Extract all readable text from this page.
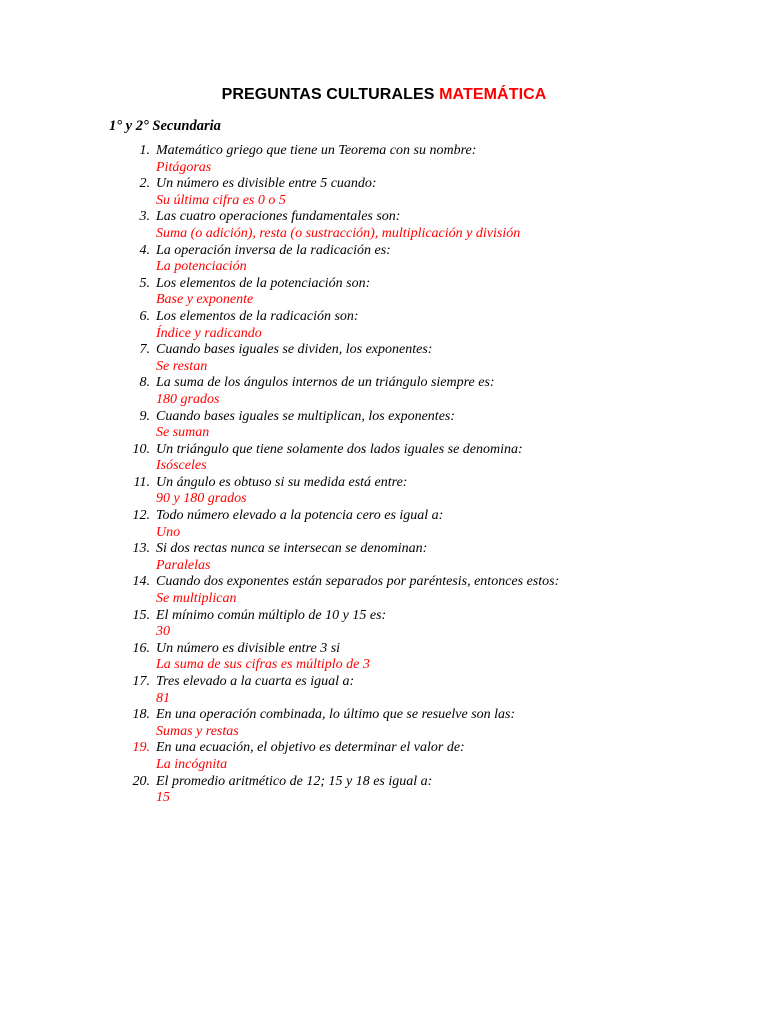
PREGUNTAS CULTURALES MATEMÁTICA
1° y 2° Secundaria
1. Matemático griego que tiene un Teorema con su nombre:
Pitágoras
2. Un número es divisible entre 5 cuando:
Su última cifra es 0 o 5
3. Las cuatro operaciones fundamentales son:
Suma (o adición), resta (o sustracción), multiplicación y división
4. La operación inversa de la radicación es:
La potenciación
5. Los elementos de la potenciación son:
Base y exponente
6. Los elementos de la radicación son:
Índice y radicando
7. Cuando bases iguales se dividen, los exponentes:
Se restan
8. La suma de los ángulos internos de un triángulo siempre es:
180 grados
9. Cuando bases iguales se multiplican, los exponentes:
Se suman
10. Un triángulo que tiene solamente dos lados iguales se denomina:
Isósceles
11. Un ángulo es obtuso si su medida está entre:
90 y 180 grados
12. Todo número elevado a la potencia cero es igual a:
Uno
13. Si dos rectas nunca se intersecan se denominan:
Paralelas
14. Cuando dos exponentes están separados por paréntesis, entonces estos:
Se multiplican
15. El mínimo común múltiplo de 10 y 15 es:
30
16. Un número es divisible entre 3 si
La suma de sus cifras es múltiplo de 3
17. Tres elevado a la cuarta es igual a:
81
18. En una operación combinada, lo último que se resuelve son las:
Sumas y restas
19. En una ecuación, el objetivo es determinar el valor de:
La incógnita
20. El promedio aritmético de 12; 15 y 18 es igual a:
15
